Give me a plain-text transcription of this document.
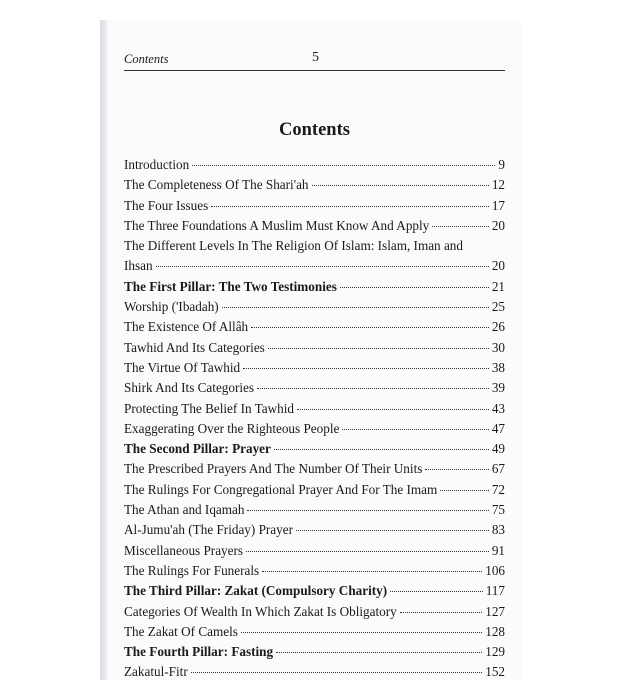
Contents	5
Contents
Introduction	9
The Completeness Of The Shari'ah	12
The Four Issues	17
The Three Foundations A Muslim Must Know And Apply	20
The Different Levels In The Religion Of Islam: Islam, Iman and
Ihsan	20
The First Pillar: The Two Testimonies	21
Worship ('Ibadah)	25
The Existence Of Allâh	26
Tawhid And Its Categories	30
The Virtue Of Tawhid	38
Shirk And Its Categories	39
Protecting The Belief In Tawhid	43
Exaggerating Over the Righteous People	47
The Second Pillar: Prayer	49
The Prescribed Prayers And The Number Of Their Units	67
The Rulings For Congregational Prayer And For The Imam	72
The Athan and Iqamah	75
Al-Jumu'ah (The Friday) Prayer	83
Miscellaneous Prayers	91
The Rulings For Funerals	106
The Third Pillar: Zakat (Compulsory Charity)	117
Categories Of Wealth In Which Zakat Is Obligatory	127
The Zakat Of Camels	128
The Fourth Pillar: Fasting	129
Zakatul-Fitr	152
